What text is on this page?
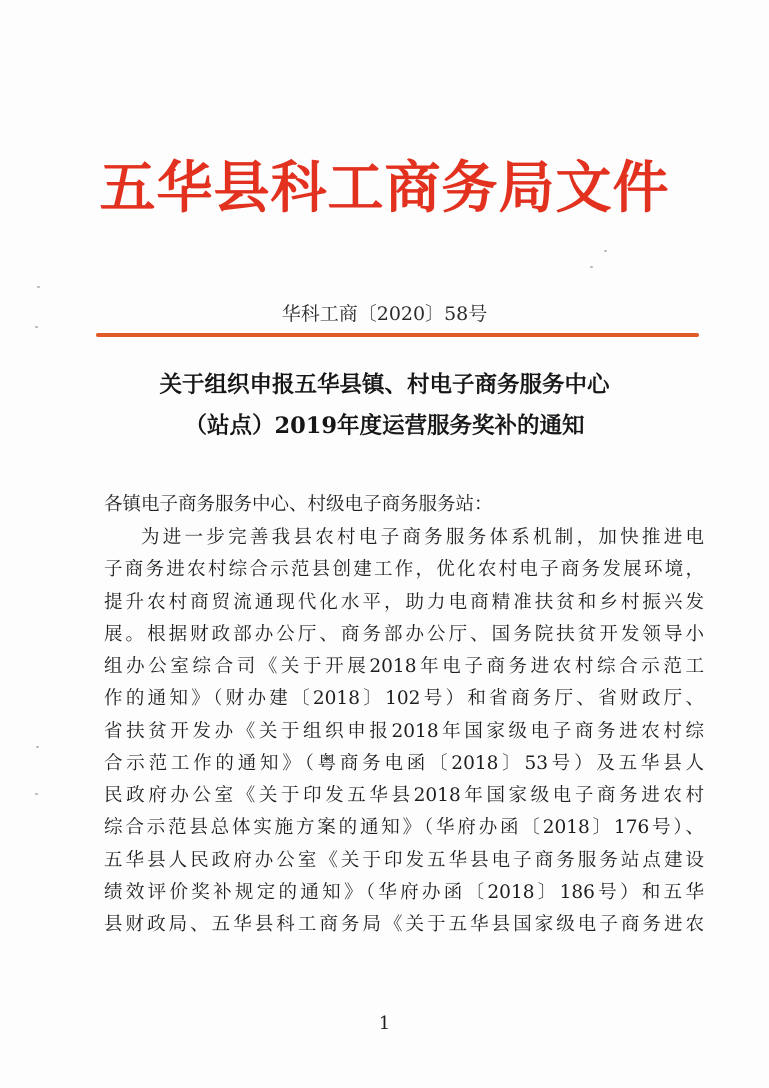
五华县科工商务局文件
华科工商〔2020〕58号
关于组织申报五华县镇、村电子商务服务中心
（站点）2019年度运营服务奖补的通知
各镇电子商务服务中心、村级电子商务服务站：
为进一步完善我县农村电子商务服务体系机制，加快推进电
子商务进农村综合示范县创建工作，优化农村电子商务发展环境，
提升农村商贸流通现代化水平，助力电商精准扶贫和乡村振兴发
展。根据财政部办公厅、商务部办公厅、国务院扶贫开发领导小
组办公室综合司《关于开展2018年电子商务进农村综合示范工
作的通知》（财办建〔2018〕102号）和省商务厅、省财政厅、
省扶贫开发办《关于组织申报2018年国家级电子商务进农村综
合示范工作的通知》（粤商务电函〔2018〕53号）及五华县人
民政府办公室《关于印发五华县2018年国家级电子商务进农村
综合示范县总体实施方案的通知》（华府办函〔2018〕176号）、
五华县人民政府办公室《关于印发五华县电子商务服务站点建设
绩效评价奖补规定的通知》（华府办函〔2018〕186号）和五华
县财政局、五华县科工商务局《关于五华县国家级电子商务进农
1
